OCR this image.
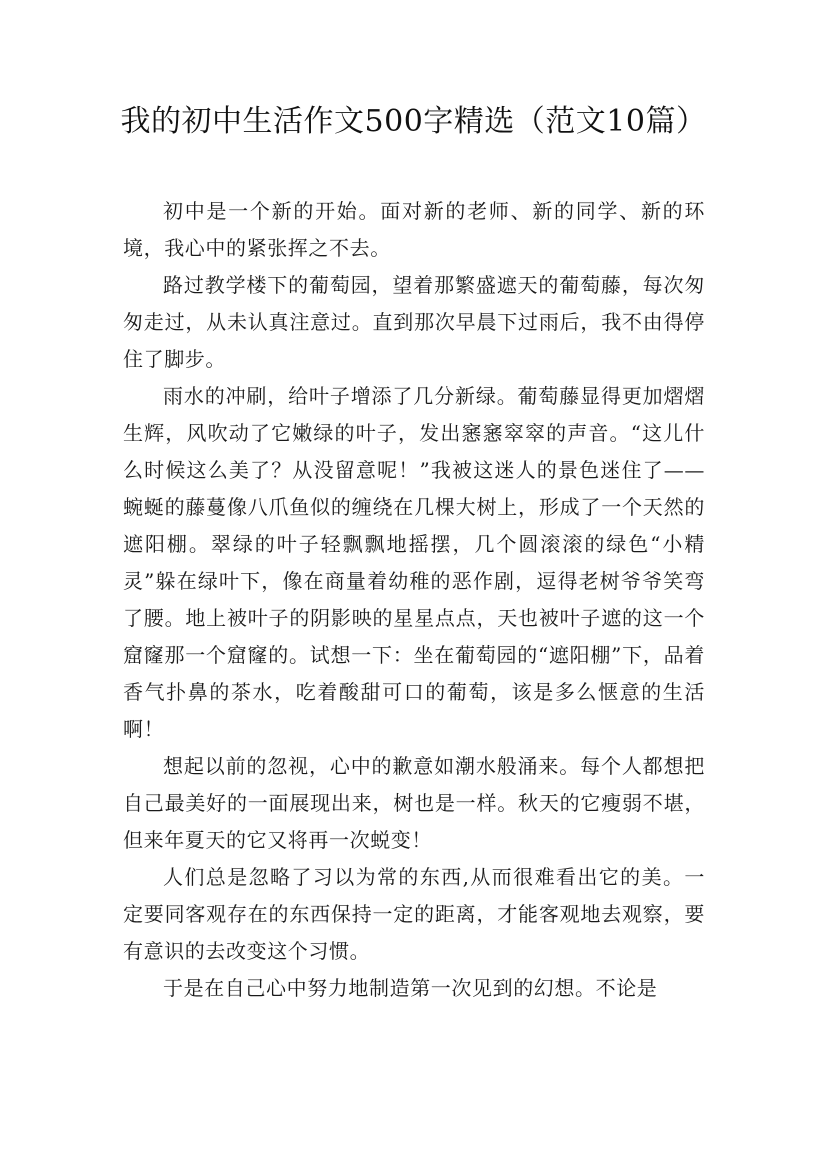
我的初中生活作文500字精选（范文10篇）

初中是一个新的开始。面对新的老师、新的同学、新的环境，我心中的紧张挥之不去。

路过教学楼下的葡萄园，望着那繁盛遮天的葡萄藤，每次匆匆走过，从未认真注意过。直到那次早晨下过雨后，我不由得停住了脚步。

雨水的冲刷，给叶子增添了几分新绿。葡萄藤显得更加熠熠生辉，风吹动了它嫩绿的叶子，发出窸窸窣窣的声音。“这儿什么时候这么美了？从没留意呢！”我被这迷人的景色迷住了——蜿蜒的藤蔓像八爪鱼似的缠绕在几棵大树上，形成了一个天然的遮阳棚。翠绿的叶子轻飘飘地摇摆，几个圆滚滚的绿色“小精灵”躲在绿叶下，像在商量着幼稚的恶作剧，逗得老树爷爷笑弯了腰。地上被叶子的阴影映的星星点点，天也被叶子遮的这一个窟窿那一个窟窿的。试想一下：坐在葡萄园的“遮阳棚”下，品着香气扑鼻的茶水，吃着酸甜可口的葡萄，该是多么惬意的生活啊！

想起以前的忽视，心中的歉意如潮水般涌来。每个人都想把自己最美好的一面展现出来，树也是一样。秋天的它瘦弱不堪，但来年夏天的它又将再一次蜕变！

人们总是忽略了习以为常的东西,从而很难看出它的美。一定要同客观存在的东西保持一定的距离，才能客观地去观察，要有意识的去改变这个习惯。

于是在自己心中努力地制造第一次见到的幻想。不论是
